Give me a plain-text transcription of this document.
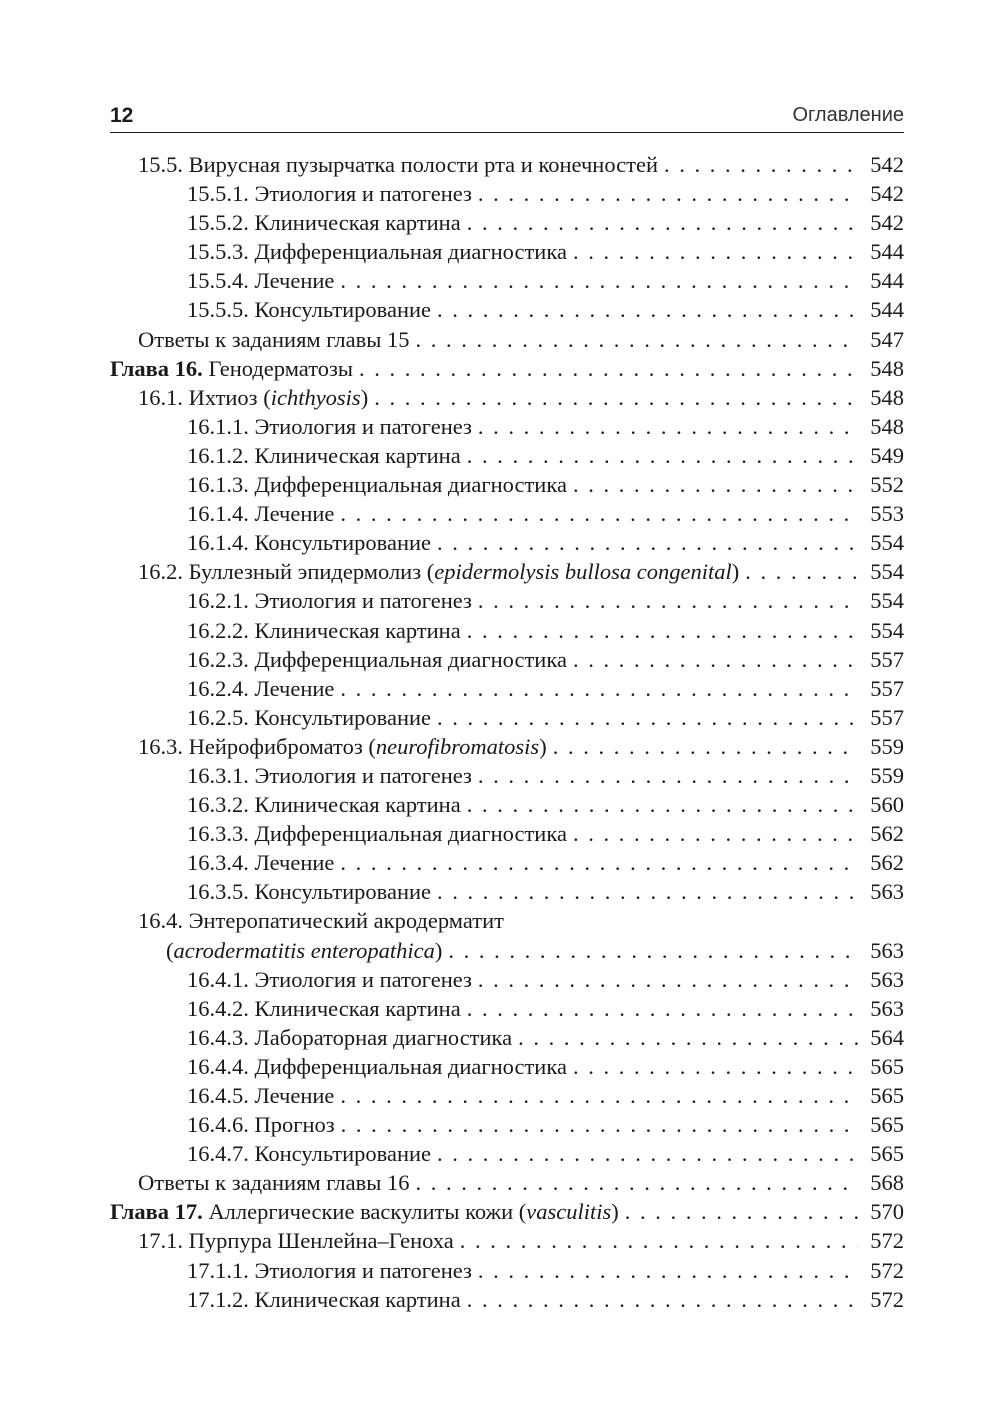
12	Оглавление
15.5. Вирусная пузырчатка полости рта и конечностей . . .	542
15.5.1. Этиология и патогенез . . .	542
15.5.2. Клиническая картина . . .	542
15.5.3. Дифференциальная диагностика . . .	544
15.5.4. Лечение . . .	544
15.5.5. Консультирование . . .	544
Ответы к заданиям главы 15 . . .	547
Глава 16. Генодерматозы . . .	548
16.1. Ихтиоз (ichthyosis) . . .	548
16.1.1. Этиология и патогенез . . .	548
16.1.2. Клиническая картина . . .	549
16.1.3. Дифференциальная диагностика . . .	552
16.1.4. Лечение . . .	553
16.1.4. Консультирование . . .	554
16.2. Буллезный эпидермолиз (epidermolysis bullosa congenital) . . .	554
16.2.1. Этиология и патогенез . . .	554
16.2.2. Клиническая картина . . .	554
16.2.3. Дифференциальная диагностика . . .	557
16.2.4. Лечение . . .	557
16.2.5. Консультирование . . .	557
16.3. Нейрофиброматоз (neurofibromatosis) . . .	559
16.3.1. Этиология и патогенез . . .	559
16.3.2. Клиническая картина . . .	560
16.3.3. Дифференциальная диагностика . . .	562
16.3.4. Лечение . . .	562
16.3.5. Консультирование . . .	563
16.4. Энтеропатический акродерматит
(acrodermatitis enteropathica) . . .	563
16.4.1. Этиология и патогенез . . .	563
16.4.2. Клиническая картина . . .	563
16.4.3. Лабораторная диагностика . . .	564
16.4.4. Дифференциальная диагностика . . .	565
16.4.5. Лечение . . .	565
16.4.6. Прогноз . . .	565
16.4.7. Консультирование . . .	565
Ответы к заданиям главы 16 . . .	568
Глава 17. Аллергические васкулиты кожи (vasculitis) . . .	570
17.1. Пурпура Шенлейна–Геноха . . .	572
17.1.1. Этиология и патогенез . . .	572
17.1.2. Клиническая картина . . .	572
